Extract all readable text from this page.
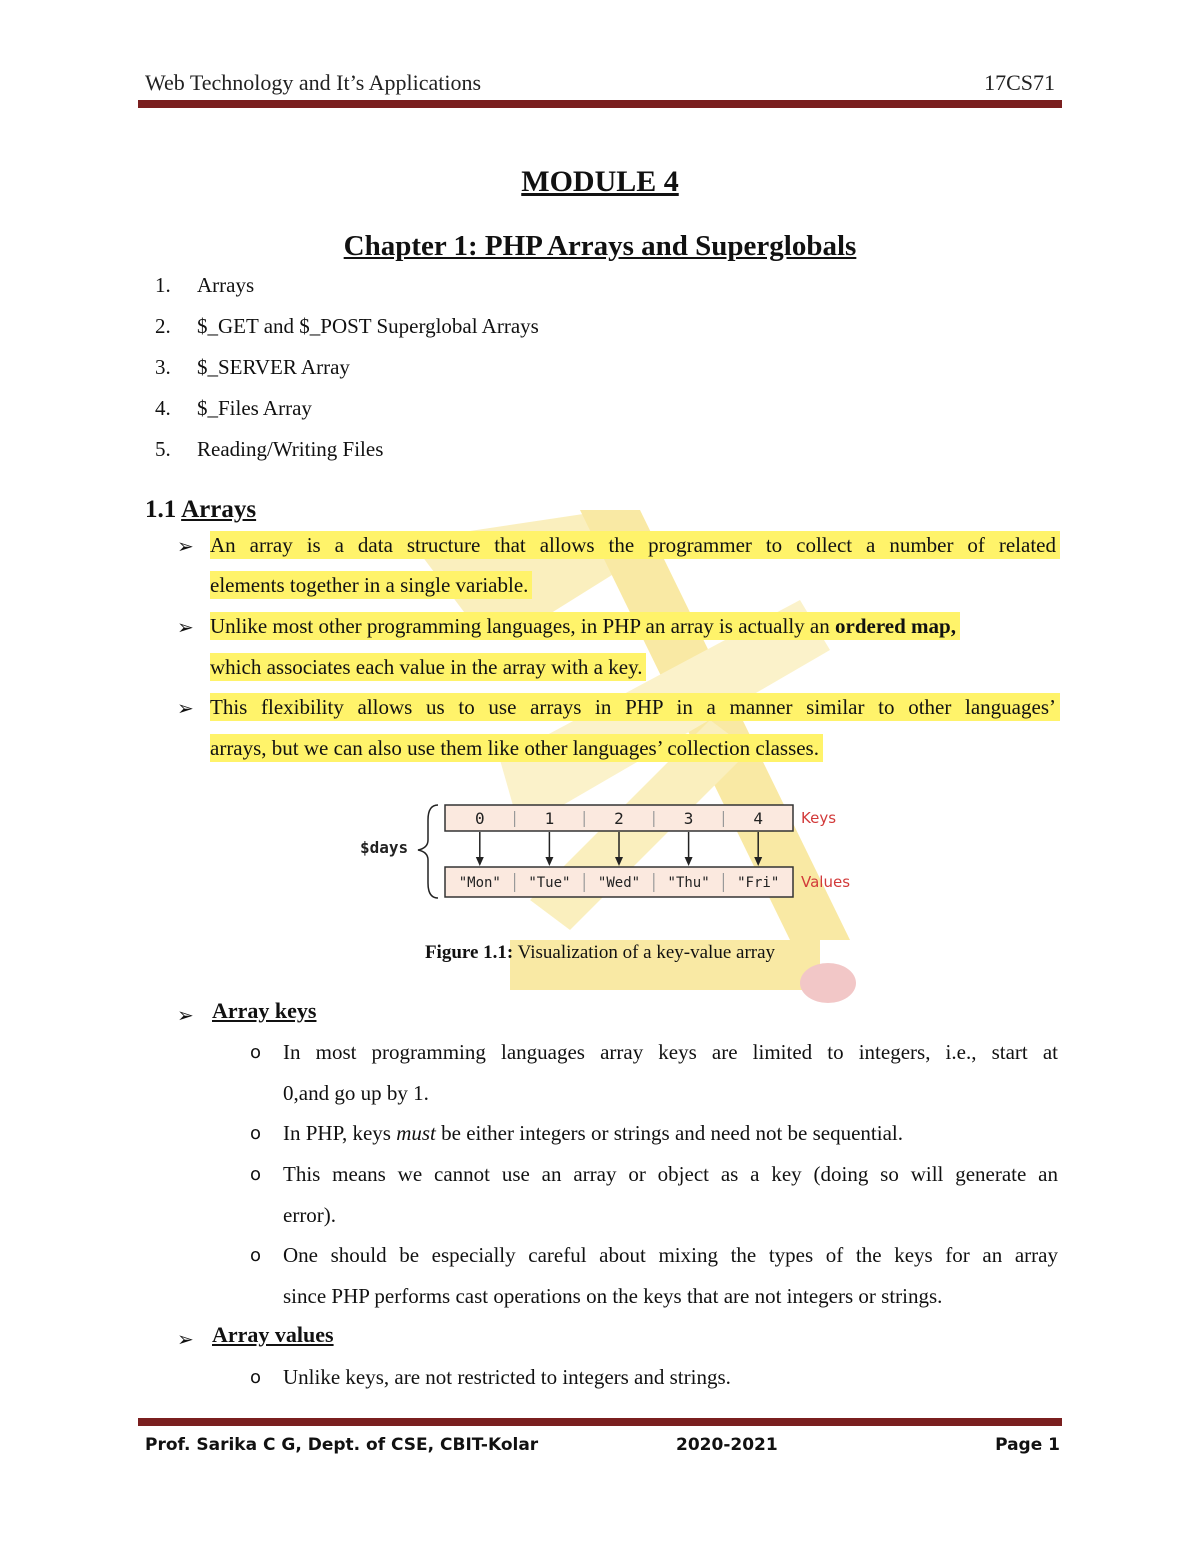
Web Technology and It’s Applications	17CS71
MODULE 4
Chapter 1: PHP Arrays and Superglobals
1. Arrays
2. $_GET and $_POST Superglobal Arrays
3. $_SERVER Array
4. $_Files Array
5. Reading/Writing Files
1.1 Arrays
➢ An array is a data structure that allows the programmer to collect a number of related
elements together in a single variable.
➢ Unlike most other programming languages, in PHP an array is actually an ordered map,
which associates each value in the array with a key.
➢ This flexibility allows us to use arrays in PHP in a manner similar to other languages’
arrays, but we can also use them like other languages’ collection classes.
$days
0
"Mon"
1
"Tue"
2
"Wed"
3
"Thu"
4
"Fri"
Keys
Values
Figure 1.1: Visualization of a key-value array
➢ Array keys
o In most programming languages array keys are limited to integers, i.e., start at
0,and go up by 1.
o In PHP, keys must be either integers or strings and need not be sequential.
o This means we cannot use an array or object as a key (doing so will generate an
error).
o One should be especially careful about mixing the types of the keys for an array
since PHP performs cast operations on the keys that are not integers or strings.
➢ Array values
o Unlike keys, are not restricted to integers and strings.
Prof. Sarika C G, Dept. of CSE, CBIT-Kolar	2020-2021	Page 1
